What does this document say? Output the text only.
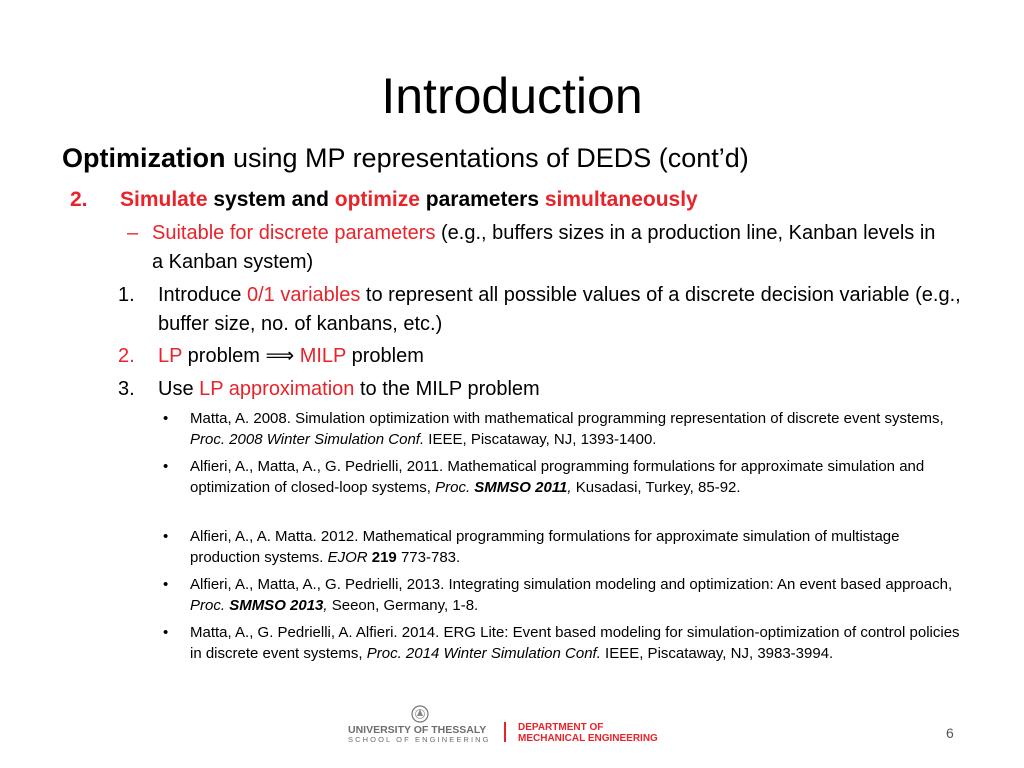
Introduction
Optimization using MP representations of DEDS (cont’d)
2. Simulate system and optimize parameters simultaneously
– Suitable for discrete parameters (e.g., buffers sizes in a production line, Kanban levels in a Kanban system)
1.	Introduce 0/1 variables to represent all possible values of a discrete decision variable (e.g., buffer size, no. of kanbans, etc.)
2.	LP problem ⟹ MILP problem
3.	Use LP approximation to the MILP problem
•	Matta, A. 2008. Simulation optimization with mathematical programming representation of discrete event systems, Proc. 2008 Winter Simulation Conf. IEEE, Piscataway, NJ, 1393-1400.
•	Alfieri, A., Matta, A., G. Pedrielli, 2011. Mathematical programming formulations for approximate simulation and optimization of closed-loop systems, Proc. SMMSO 2011, Kusadasi, Turkey, 85-92.
•	Alfieri, A., A. Matta. 2012. Mathematical programming formulations for approximate simulation of multistage production systems. EJOR 219 773-783.
•	Alfieri, A., Matta, A., G. Pedrielli, 2013. Integrating simulation modeling and optimization: An event based approach, Proc. SMMSO 2013, Seeon, Germany, 1-8.
•	Matta, A., G. Pedrielli, A. Alfieri. 2014. ERG Lite: Event based modeling for simulation-optimization of control policies in discrete event systems, Proc. 2014 Winter Simulation Conf. IEEE, Piscataway, NJ, 3983-3994.
UNIVERSITY OF THESSALY
SCHOOL OF ENGINEERING
DEPARTMENT OF
MECHANICAL ENGINEERING	6
